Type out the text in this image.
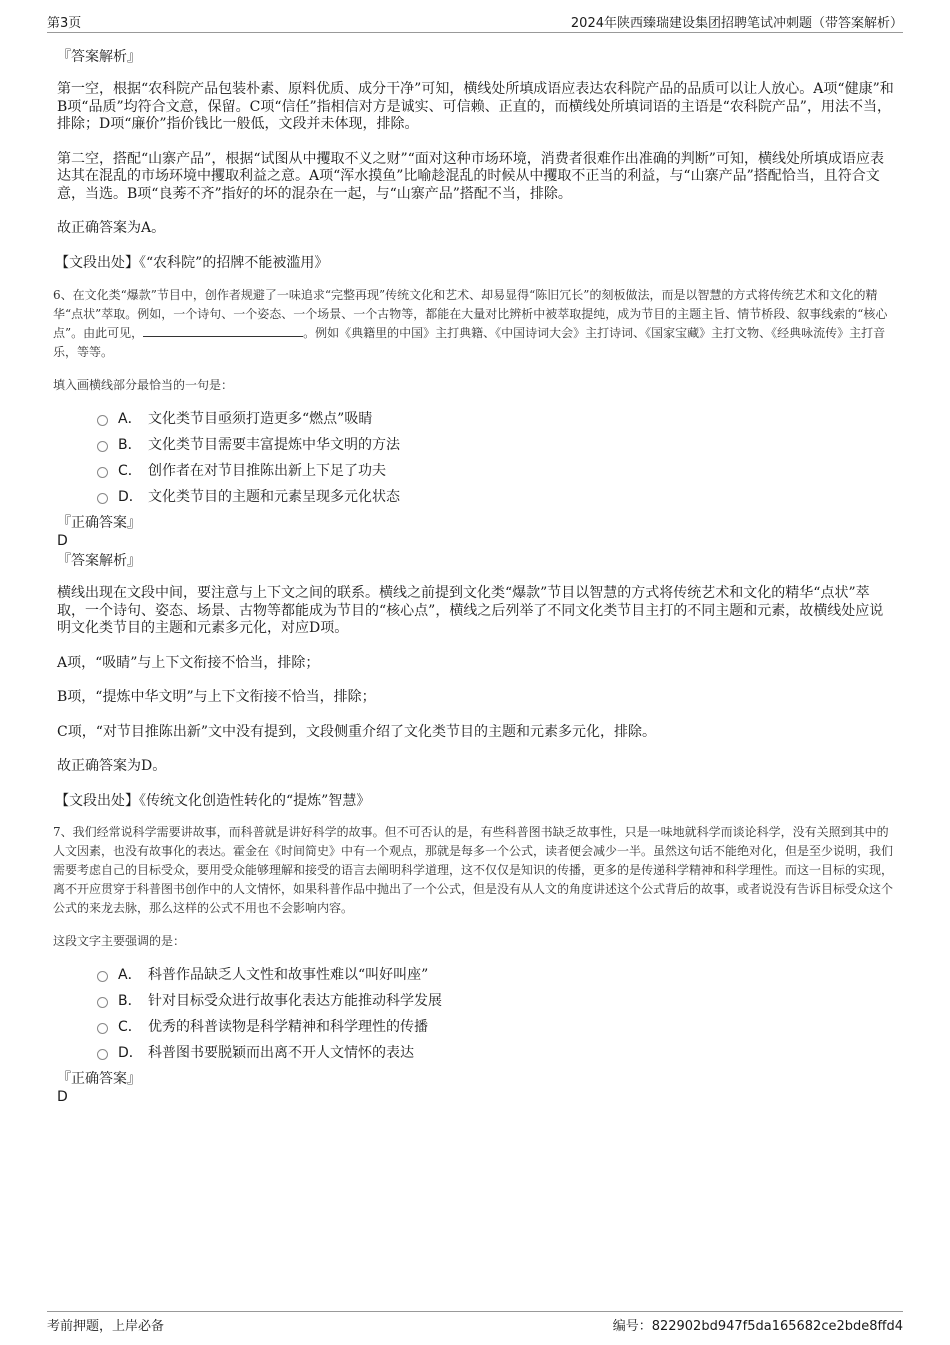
第3页	2024年陕西臻瑞建设集团招聘笔试冲刺题（带答案解析）

『答案解析』

第一空，根据“农科院产品包装朴素、原料优质、成分干净”可知，横线处所填成语应表达农科院产品的品质可以让人放心。A项“健康”和B项“品质”均符合文意，保留。C项“信任”指相信对方是诚实、可信赖、正直的，而横线处所填词语的主语是“农科院产品”，用法不当，排除；D项“廉价”指价钱比一般低，文段并未体现，排除。

第二空，搭配“山寨产品”，根据“试图从中攫取不义之财”“面对这种市场环境，消费者很难作出准确的判断”可知，横线处所填成语应表达其在混乱的市场环境中攫取利益之意。A项“浑水摸鱼”比喻趁混乱的时候从中攫取不正当的利益，与“山寨产品”搭配恰当，且符合文意，当选。B项“良莠不齐”指好的坏的混杂在一起，与“山寨产品”搭配不当，排除。

故正确答案为A。

【文段出处】《“农科院”的招牌不能被滥用》

6、在文化类“爆款”节目中，创作者规避了一味追求“完整再现”传统文化和艺术、却易显得“陈旧冗长”的刻板做法，而是以智慧的方式将传统艺术和文化的精华“点状”萃取。例如，一个诗句、一个姿态、一个场景、一个古物等，都能在大量对比辨析中被萃取提纯，成为节目的主题主旨、情节桥段、叙事线索的“核心点”。由此可见，	。例如《典籍里的中国》主打典籍、《中国诗词大会》主打诗词、《国家宝藏》主打文物、《经典咏流传》主打音乐，等等。

填入画横线部分最恰当的一句是：

A． 文化类节目亟须打造更多“燃点”吸睛
B． 文化类节目需要丰富提炼中华文明的方法
C． 创作者在对节目推陈出新上下足了功夫
D． 文化类节目的主题和元素呈现多元化状态

『正确答案』

D

『答案解析』

横线出现在文段中间，要注意与上下文之间的联系。横线之前提到文化类“爆款”节目以智慧的方式将传统艺术和文化的精华“点状”萃取，一个诗句、姿态、场景、古物等都能成为节目的“核心点”，横线之后列举了不同文化类节目主打的不同主题和元素，故横线处应说明文化类节目的主题和元素多元化，对应D项。

A项，“吸睛”与上下文衔接不恰当，排除；

B项，“提炼中华文明”与上下文衔接不恰当，排除；

C项，“对节目推陈出新”文中没有提到，文段侧重介绍了文化类节目的主题和元素多元化，排除。

故正确答案为D。

【文段出处】《传统文化创造性转化的“提炼”智慧》

7、我们经常说科学需要讲故事，而科普就是讲好科学的故事。但不可否认的是，有些科普图书缺乏故事性，只是一味地就科学而谈论科学，没有关照到其中的人文因素，也没有故事化的表达。霍金在《时间简史》中有一个观点，那就是每多一个公式，读者便会减少一半。虽然这句话不能绝对化，但是至少说明，我们需要考虑自己的目标受众，要用受众能够理解和接受的语言去阐明科学道理，这不仅仅是知识的传播，更多的是传递科学精神和科学理性。而这一目标的实现，离不开应贯穿于科普图书创作中的人文情怀，如果科普作品中抛出了一个公式，但是没有从人文的角度讲述这个公式背后的故事，或者说没有告诉目标受众这个公式的来龙去脉，那么这样的公式不用也不会影响内容。

这段文字主要强调的是：

A． 科普作品缺乏人文性和故事性难以“叫好叫座”
B． 针对目标受众进行故事化表达方能推动科学发展
C． 优秀的科普读物是科学精神和科学理性的传播
D． 科普图书要脱颖而出离不开人文情怀的表达

『正确答案』

D

考前押题，上岸必备	编号：822902bd947f5da165682ce2bde8ffd4
